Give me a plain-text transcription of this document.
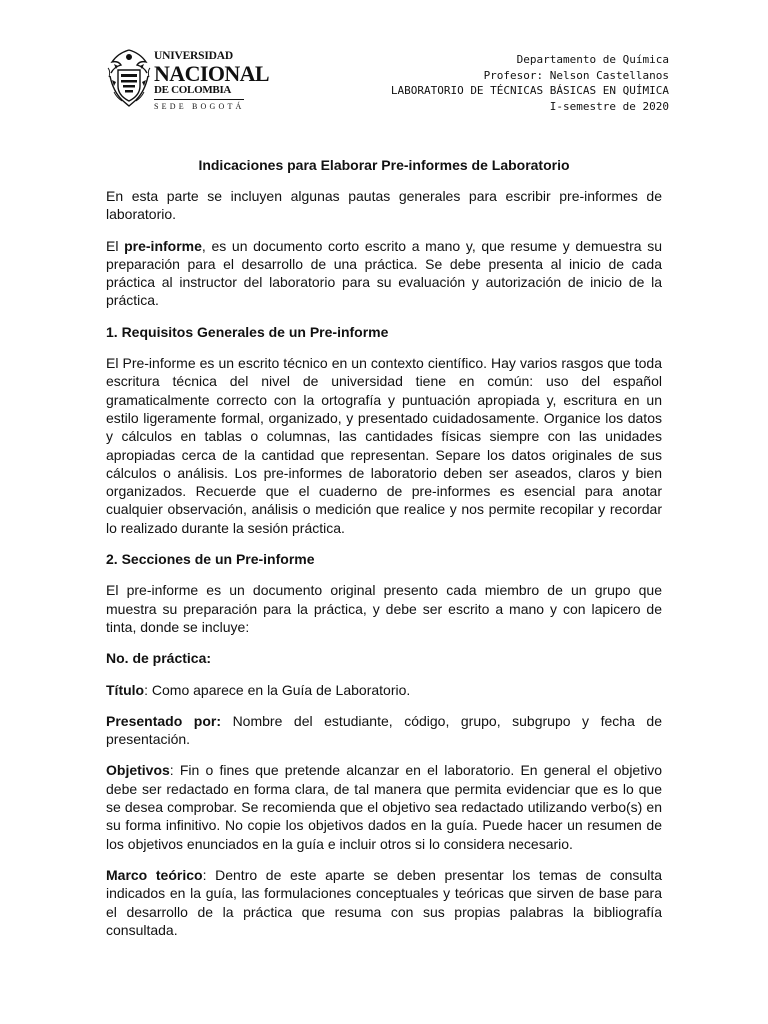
UNIVERSIDAD
NACIONAL
DE COLOMBIA
SEDE BOGOTÁ
Departamento de Química
Profesor: Nelson Castellanos
LABORATORIO DE TÉCNICAS BÁSICAS EN QUÍMICA
I-semestre de 2020
Indicaciones para Elaborar Pre-informes de Laboratorio

En esta parte se incluyen algunas pautas generales para escribir pre-informes de laboratorio.

El pre-informe, es un documento corto escrito a mano y, que resume y demuestra su preparación para el desarrollo de una práctica. Se debe presenta al inicio de cada práctica al instructor del laboratorio para su evaluación y autorización de inicio de la práctica.

1. Requisitos Generales de un Pre-informe

El Pre-informe es un escrito técnico en un contexto científico. Hay varios rasgos que toda escritura técnica del nivel de universidad tiene en común: uso del español gramaticalmente correcto con la ortografía y puntuación apropiada y, escritura en un estilo ligeramente formal, organizado, y presentado cuidadosamente. Organice los datos y cálculos en tablas o columnas, las cantidades físicas siempre con las unidades apropiadas cerca de la cantidad que representan. Separe los datos originales de sus cálculos o análisis. Los pre-informes de laboratorio deben ser aseados, claros y bien organizados. Recuerde que el cuaderno de pre-informes es esencial para anotar cualquier observación, análisis o medición que realice y nos permite recopilar y recordar lo realizado durante la sesión práctica.

2. Secciones de un Pre-informe

El pre-informe es un documento original presento cada miembro de un grupo que muestra su preparación para la práctica, y debe ser escrito a mano y con lapicero de tinta, donde se incluye:

No. de práctica:

Título: Como aparece en la Guía de Laboratorio.

Presentado por: Nombre del estudiante, código, grupo, subgrupo y fecha de presentación.

Objetivos: Fin o fines que pretende alcanzar en el laboratorio. En general el objetivo debe ser redactado en forma clara, de tal manera que permita evidenciar que es lo que se desea comprobar. Se recomienda que el objetivo sea redactado utilizando verbo(s) en su forma infinitivo. No copie los objetivos dados en la guía. Puede hacer un resumen de los objetivos enunciados en la guía e incluir otros si lo considera necesario.

Marco teórico: Dentro de este aparte se deben presentar los temas de consulta indicados en la guía, las formulaciones conceptuales y teóricas que sirven de base para el desarrollo de la práctica que resuma con sus propias palabras la bibliografía consultada.
